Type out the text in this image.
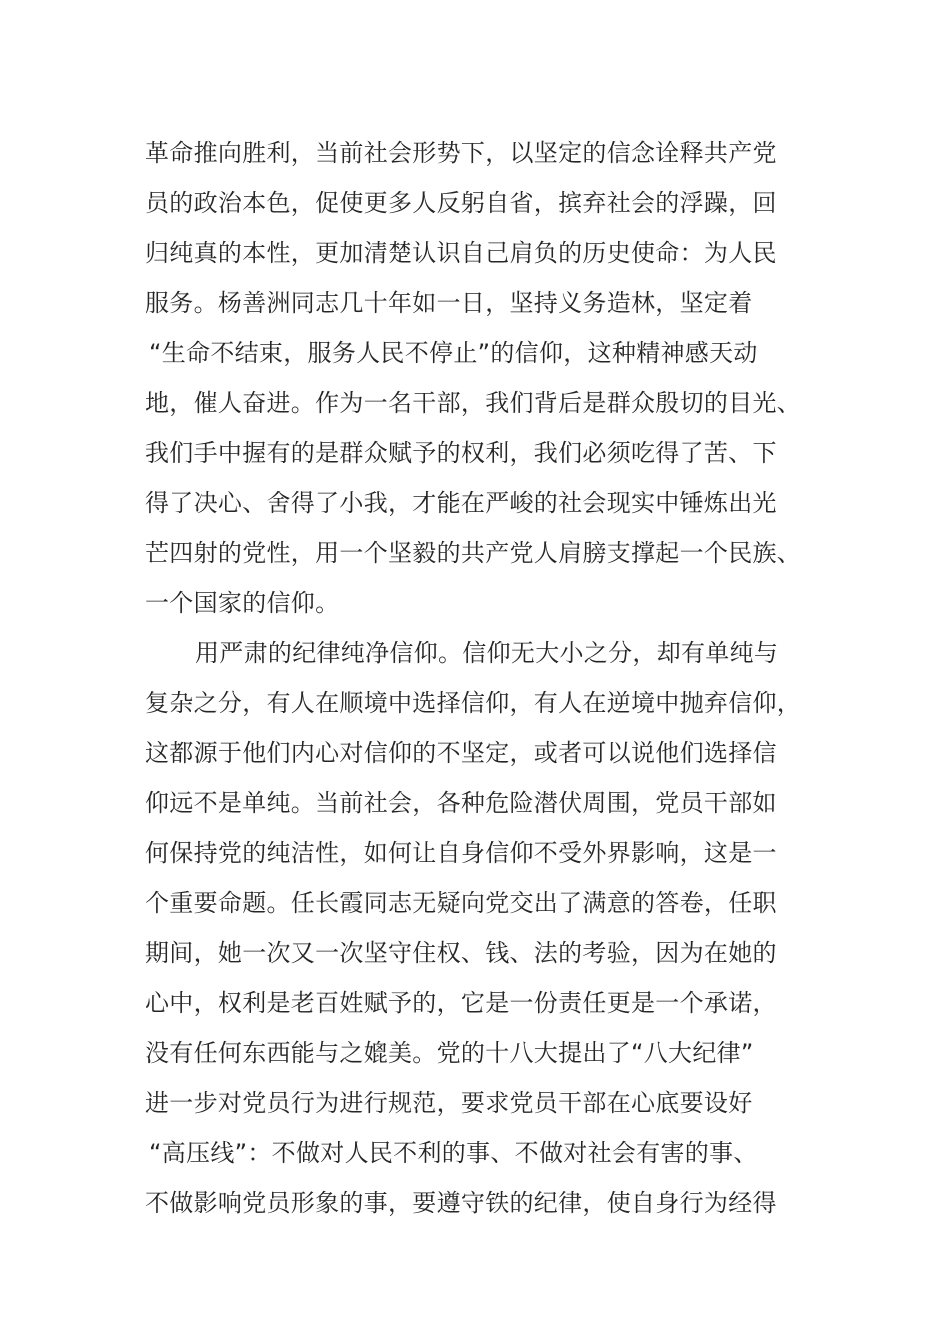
革命推向胜利，当前社会形势下，以坚定的信念诠释共产党
员的政治本色，促使更多人反躬自省，摈弃社会的浮躁，回
归纯真的本性，更加清楚认识自己肩负的历史使命：为人民
服务。杨善洲同志几十年如一日，坚持义务造林，坚定着
“生命不结束，服务人民不停止”的信仰，这种精神感天动
地，催人奋进。作为一名干部，我们背后是群众殷切的目光、
我们手中握有的是群众赋予的权利，我们必须吃得了苦、下
得了决心、舍得了小我，才能在严峻的社会现实中锤炼出光
芒四射的党性，用一个坚毅的共产党人肩膀支撑起一个民族、
一个国家的信仰。
用严肃的纪律纯净信仰。信仰无大小之分，却有单纯与
复杂之分，有人在顺境中选择信仰，有人在逆境中抛弃信仰，
这都源于他们内心对信仰的不坚定，或者可以说他们选择信
仰远不是单纯。当前社会，各种危险潜伏周围，党员干部如
何保持党的纯洁性，如何让自身信仰不受外界影响，这是一
个重要命题。任长霞同志无疑向党交出了满意的答卷，任职
期间，她一次又一次坚守住权、钱、法的考验，因为在她的
心中，权利是老百姓赋予的，它是一份责任更是一个承诺，
没有任何东西能与之媲美。党的十八大提出了“八大纪律”
进一步对党员行为进行规范，要求党员干部在心底要设好
“高压线”：不做对人民不利的事、不做对社会有害的事、
不做影响党员形象的事，要遵守铁的纪律，使自身行为经得
